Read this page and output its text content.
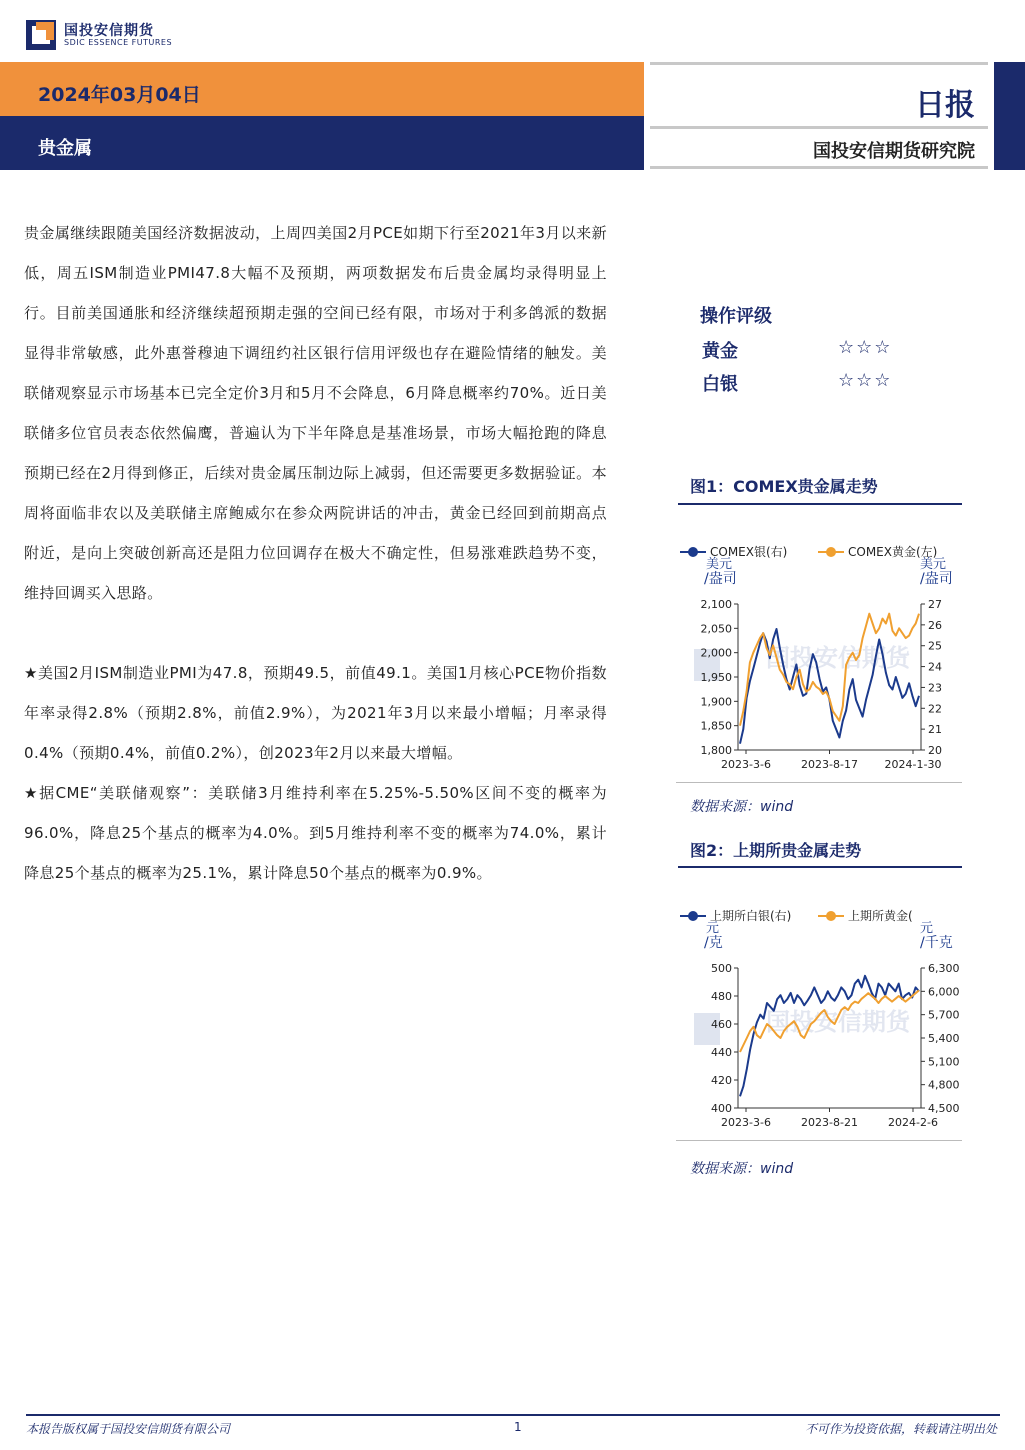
国投安信期货
SDIC ESSENCE FUTURES
2024年03月04日
贵金属
日报
国投安信期货研究院

贵金属继续跟随美国经济数据波动，上周四美国2月PCE如期下行至2021年3月以来新低，周五ISM制造业PMI47.8大幅不及预期，两项数据发布后贵金属均录得明显上行。目前美国通胀和经济继续超预期走强的空间已经有限，市场对于利多鸽派的数据显得非常敏感，此外惠誉穆迪下调纽约社区银行信用评级也存在避险情绪的触发。美联储观察显示市场基本已完全定价3月和5月不会降息，6月降息概率约70%。近日美联储多位官员表态依然偏鹰，普遍认为下半年降息是基准场景，市场大幅抢跑的降息预期已经在2月得到修正，后续对贵金属压制边际上减弱，但还需要更多数据验证。本周将面临非农以及美联储主席鲍威尔在参众两院讲话的冲击，黄金已经回到前期高点附近，是向上突破创新高还是阻力位回调存在极大不确定性，但易涨难跌趋势不变，维持回调买入思路。

★美国2月ISM制造业PMI为47.8，预期49.5，前值49.1。美国1月核心PCE物价指数年率录得2.8%（预期2.8%，前值2.9%），为2021年3月以来最小增幅；月率录得0.4%（预期0.4%，前值0.2%），创2023年2月以来最大增幅。

★据CME“美联储观察”：美联储3月维持利率在5.25%-5.50%区间不变的概率为96.0%，降息25个基点的概率为4.0%。到5月维持利率不变的概率为74.0%，累计降息25个基点的概率为25.1%，累计降息50个基点的概率为0.9%。

操作评级
黄金	☆☆☆
白银	☆☆☆
图1：COMEX贵金属走势
国投安信期货
COMEX银(右)	COMEX黄金(左)
美元
/盎司
美元
/盎司
1,800
1,850
1,900
1,950
2,000
2,050
2,100
20
21
22
23
24
25
26
27
2023-3-6	2023-8-17 2024-1-30
数据来源：wind
图2：上期所贵金属走势
国投安信期货
上期所白银(右)	上期所黄金(
元
/克
元
/千克
400
420
440
460
480
500
4,500
4,800
5,100
5,400
5,700
6,000
6,300
2023-3-6	2023-8-21	2024-2-6
数据来源：wind
本报告版权属于国投安信期货有限公司	1	不可作为投资依据，转载请注明出处
